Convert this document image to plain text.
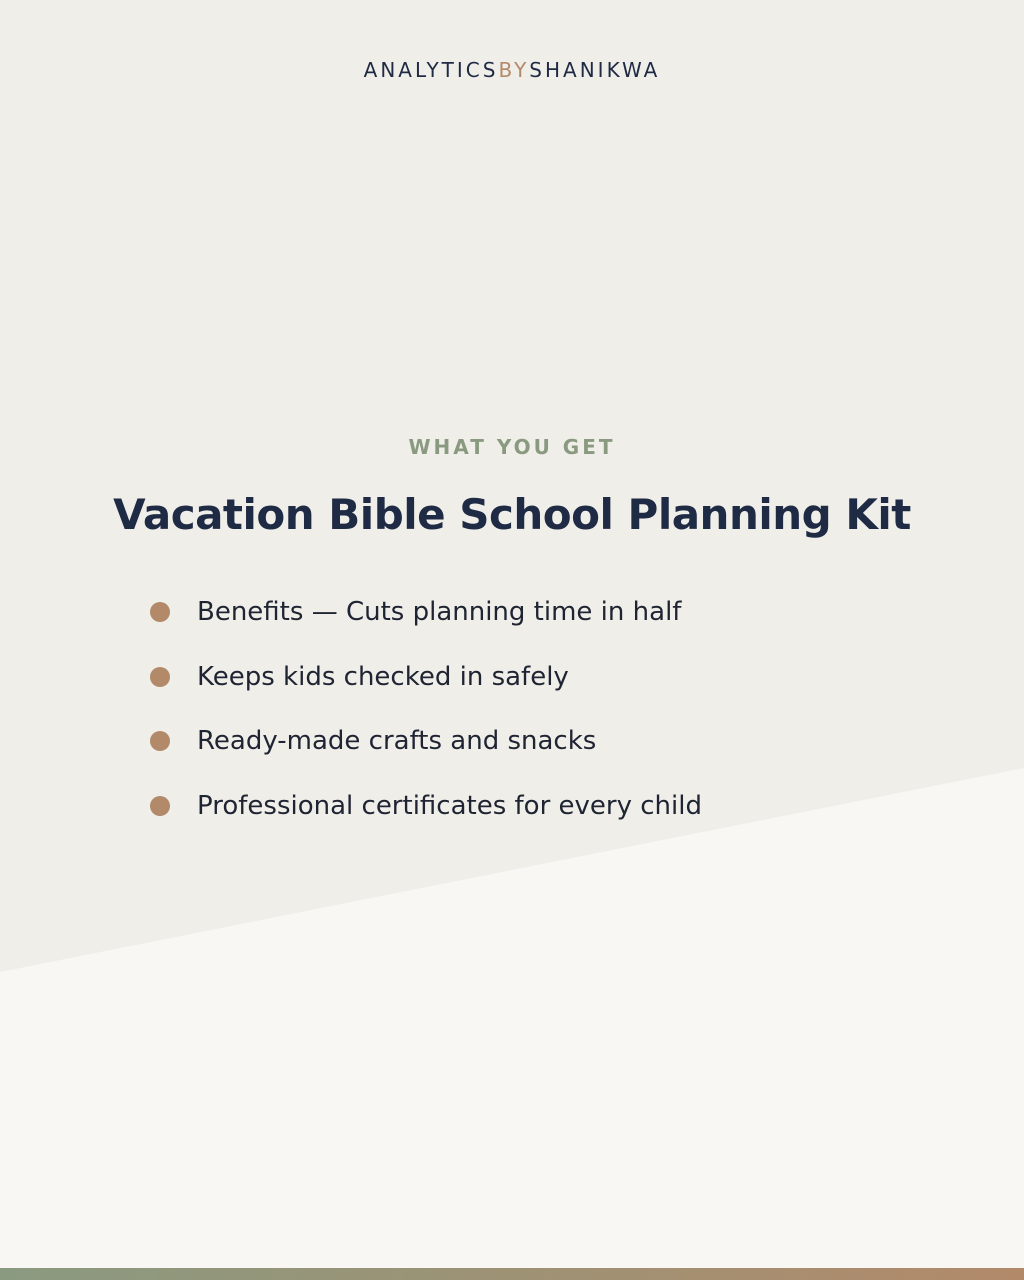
ANALYTICSBYSHANIKWA
WHAT YOU GET
Vacation Bible School Planning Kit
Benefits — Cuts planning time in half
Keeps kids checked in safely
Ready-made crafts and snacks
Professional certificates for every child
